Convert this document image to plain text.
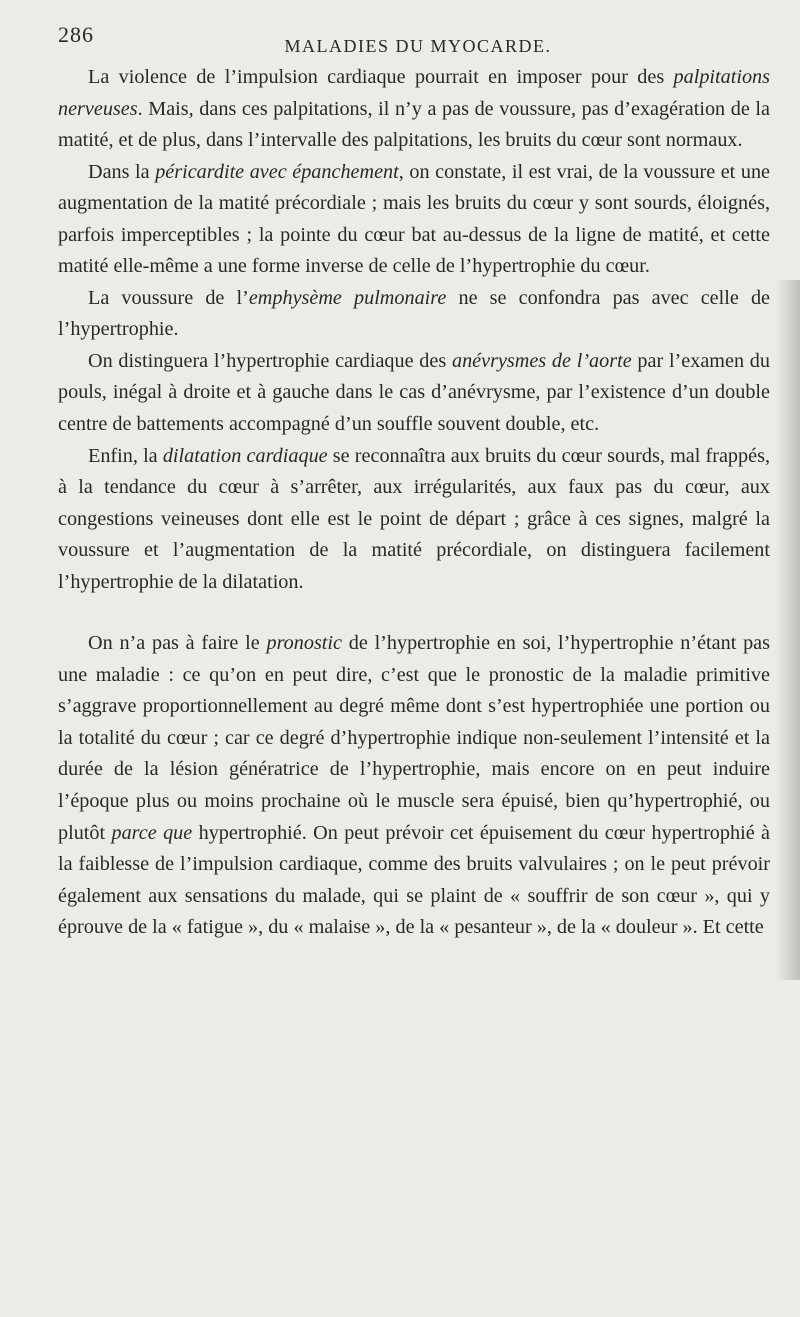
286	MALADIES DU MYOCARDE.

La violence de l’impulsion cardiaque pourrait en imposer pour des palpitations nerveuses. Mais, dans ces palpitations, il n’y a pas de voussure, pas d’exagération de la matité, et de plus, dans l’intervalle des palpitations, les bruits du cœur sont normaux.

Dans la péricardite avec épanchement, on constate, il est vrai, de la voussure et une augmentation de la matité précordiale ; mais les bruits du cœur y sont sourds, éloignés, parfois imperceptibles ; la pointe du cœur bat au-dessus de la ligne de matité, et cette matité elle-même a une forme inverse de celle de l’hypertrophie du cœur.

La voussure de l’emphysème pulmonaire ne se confondra pas avec celle de l’hypertrophie.

On distinguera l’hypertrophie cardiaque des anévrysmes de l’aorte par l’examen du pouls, inégal à droite et à gauche dans le cas d’anévrysme, par l’existence d’un double centre de battements accompagné d’un souffle souvent double, etc.

Enfin, la dilatation cardiaque se reconnaîtra aux bruits du cœur sourds, mal frappés, à la tendance du cœur à s’arrêter, aux irrégularités, aux faux pas du cœur, aux congestions veineuses dont elle est le point de départ ; grâce à ces signes, malgré la voussure et l’augmentation de la matité précordiale, on distinguera facilement l’hypertrophie de la dilatation.

On n’a pas à faire le pronostic de l’hypertrophie en soi, l’hypertrophie n’étant pas une maladie : ce qu’on en peut dire, c’est que le pronostic de la maladie primitive s’aggrave proportionnellement au degré même dont s’est hypertrophiée une portion ou la totalité du cœur ; car ce degré d’hypertrophie indique non-seulement l’intensité et la durée de la lésion génératrice de l’hypertrophie, mais encore on en peut induire l’époque plus ou moins prochaine où le muscle sera épuisé, bien qu’hypertrophié, ou plutôt parce que hypertrophié. On peut prévoir cet épuisement du cœur hypertrophié à la faiblesse de l’impulsion cardiaque, comme des bruits valvulaires ; on le peut prévoir également aux sensations du malade, qui se plaint de « souffrir de son cœur », qui y éprouve de la « fatigue », du « malaise », de la « pesanteur », de la « douleur ». Et cette
